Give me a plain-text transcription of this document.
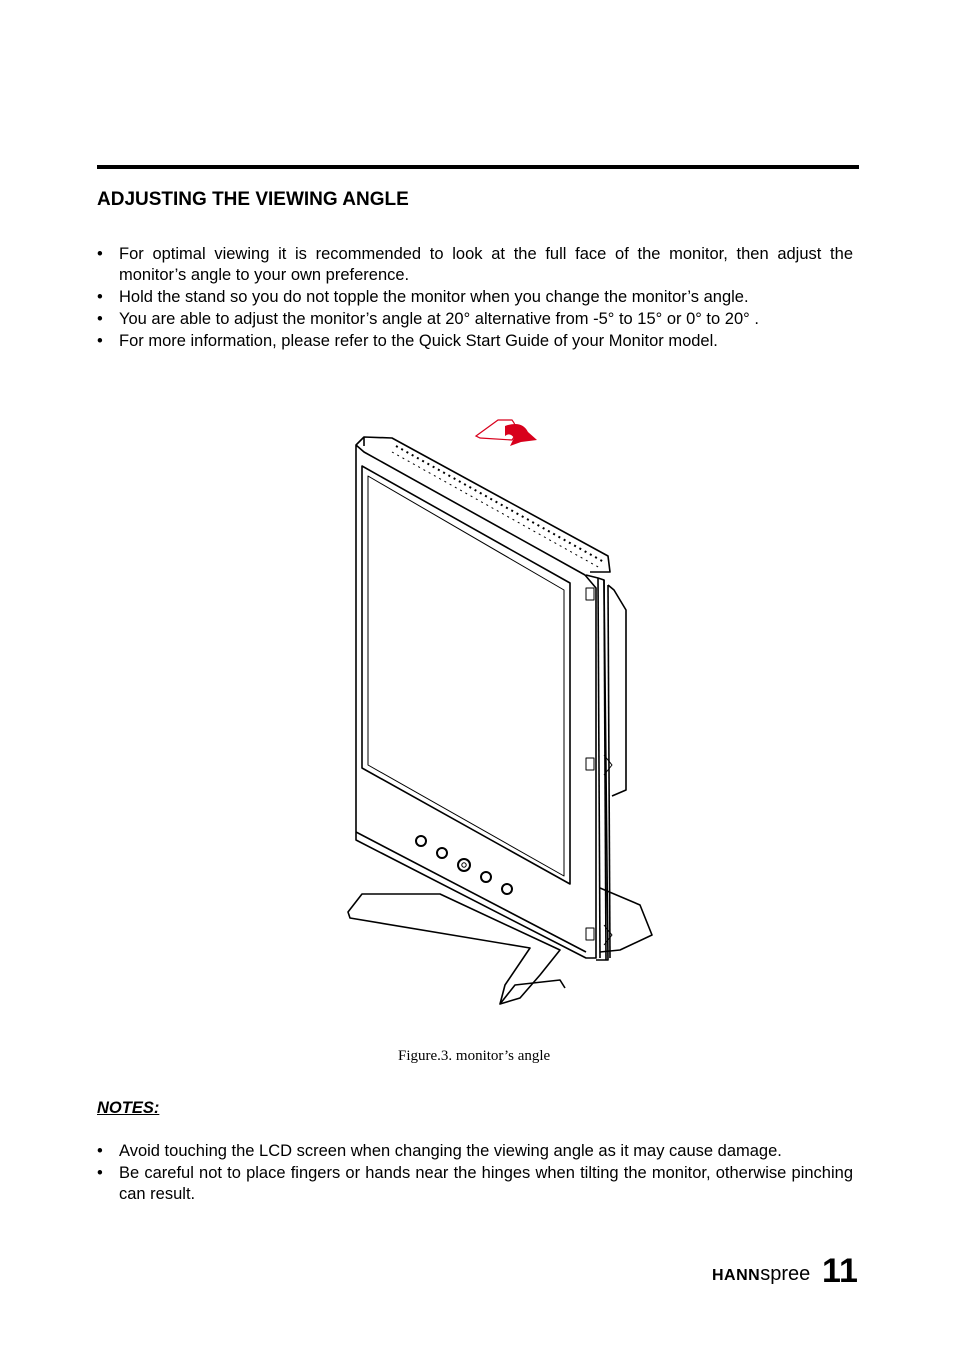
ADJUSTING THE VIEWING ANGLE
• For optimal viewing it is recommended to look at the full face of the monitor, then adjust the monitor’s angle to your own preference.
• Hold the stand so you do not topple the monitor when you change the monitor’s angle.
• You are able to adjust the monitor’s angle at 20° alternative from -5° to 15° or 0° to 20° .
• For more information, please refer to the Quick Start Guide of your Monitor model.
Figure.3. monitor’s angle
NOTES:
• Avoid touching the LCD screen when changing the viewing angle as it may cause damage.
• Be careful not to place fingers or hands near the hinges when tilting the monitor, otherwise pinching can result.
HANNspree 11
